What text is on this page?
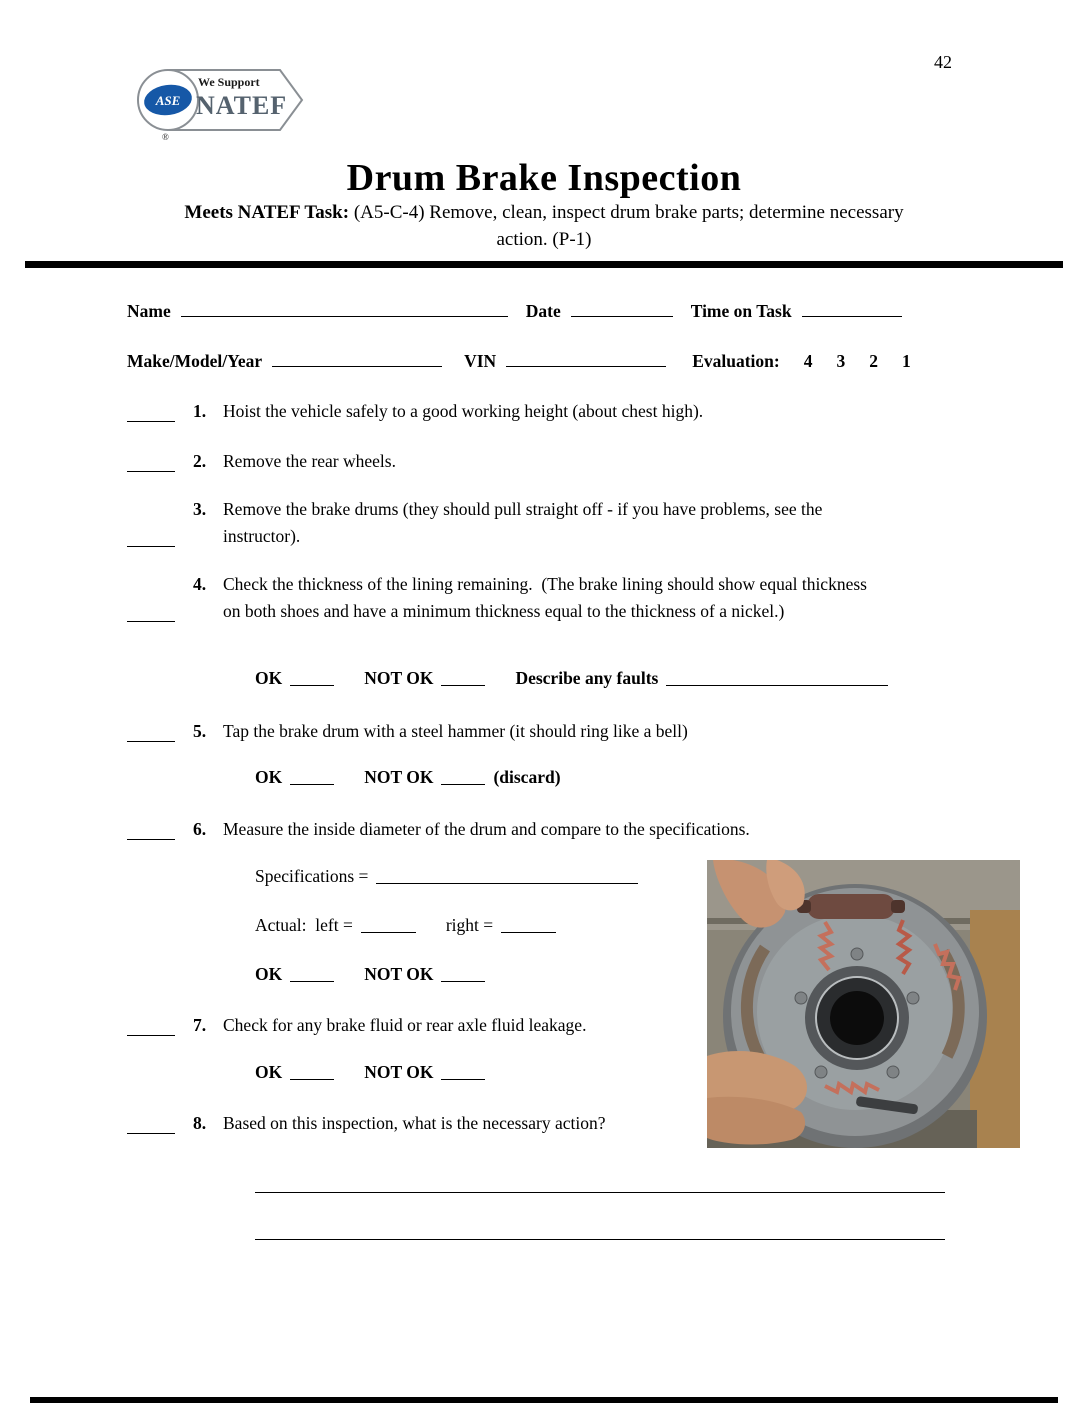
42
We Support
ASE NATEF
®
Drum Brake Inspection
Meets NATEF Task: (A5-C-4) Remove, clean, inspect drum brake parts; determine necessary
action. (P-1)
Name	Date	Time on Task
Make/Model/Year	VIN	Evaluation: 4 3 2 1
1. Hoist the vehicle safely to a good working height (about chest high).
2. Remove the rear wheels.
3. Remove the brake drums (they should pull straight off - if you have problems, see the instructor).
4. Check the thickness of the lining remaining.  (The brake lining should show equal thickness on both shoes and have a minimum thickness equal to the thickness of a nickel.)
OK	NOT OK	Describe any faults
5. Tap the brake drum with a steel hammer (it should ring like a bell)
OK	NOT OK	(discard)
6. Measure the inside diameter of the drum and compare to the specifications.
Specifications =
Actual:  left =	right =
OK	NOT OK
7. Check for any brake fluid or rear axle fluid leakage.
OK	NOT OK
8. Based on this inspection, what is the necessary action?
